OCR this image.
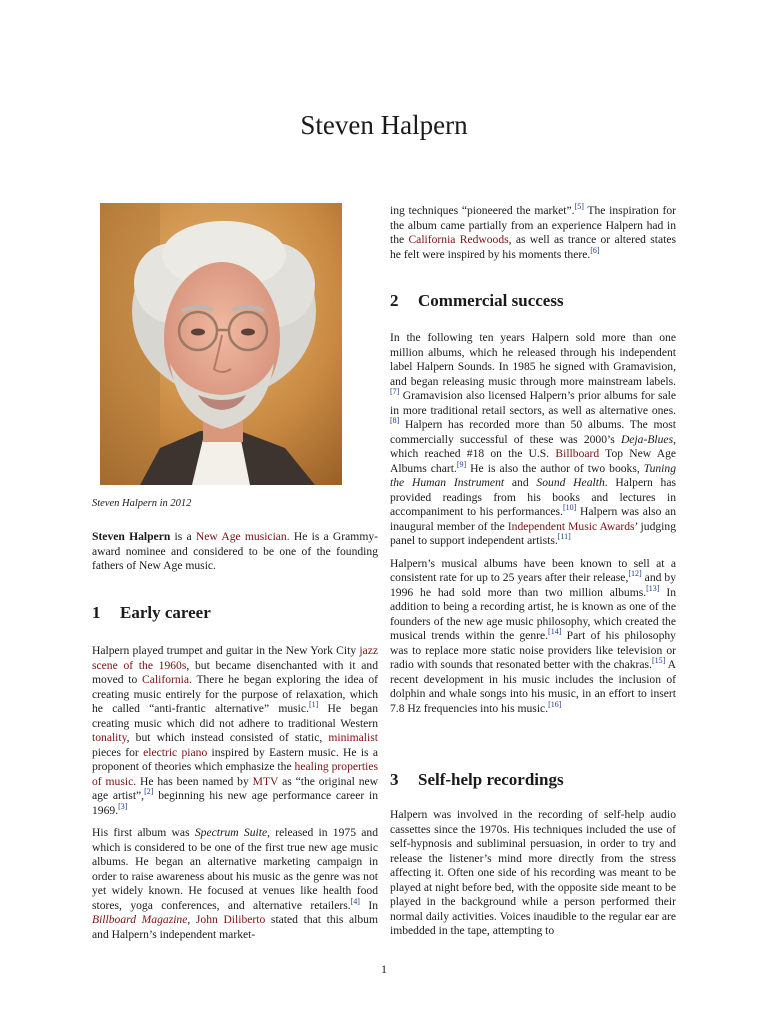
Steven Halpern
Steven Halpern in 2012

Steven Halpern is a New Age musician. He is a Grammy-award nominee and considered to be one of the founding fathers of New Age music.

1 Early career

Halpern played trumpet and guitar in the New York City jazz scene of the 1960s, but became disenchanted with it and moved to California. There he began exploring the idea of creating music entirely for the purpose of relaxation, which he called “anti-frantic alternative” music.[1] He began creating music which did not adhere to traditional Western tonality, but which instead consisted of static, minimalist pieces for electric piano inspired by Eastern music. He is a proponent of theories which emphasize the healing properties of music. He has been named by MTV as “the original new age artist”,[2] beginning his new age performance career in 1969.[3]

His first album was Spectrum Suite, released in 1975 and which is considered to be one of the first true new age music albums. He began an alternative marketing campaign in order to raise awareness about his music as the genre was not yet widely known. He focused at venues like health food stores, yoga conferences, and alternative retailers.[4] In Billboard Magazine, John Diliberto stated that this album and Halpern’s independent market-

ing techniques “pioneered the market”.[5] The inspiration for the album came partially from an experience Halpern had in the California Redwoods, as well as trance or altered states he felt were inspired by his moments there.[6]

2 Commercial success

In the following ten years Halpern sold more than one million albums, which he released through his independent label Halpern Sounds. In 1985 he signed with Gramavision, and began releasing music through more mainstream labels.[7] Gramavision also licensed Halpern’s prior albums for sale in more traditional retail sectors, as well as alternative ones.[8] Halpern has recorded more than 50 albums. The most commercially successful of these was 2000’s Deja-Blues, which reached #18 on the U.S. Billboard Top New Age Albums chart.[9] He is also the author of two books, Tuning the Human Instrument and Sound Health. Halpern has provided readings from his books and lectures in accompaniment to his performances.[10] Halpern was also an inaugural member of the Independent Music Awards’ judging panel to support independent artists.[11]

Halpern’s musical albums have been known to sell at a consistent rate for up to 25 years after their release,[12] and by 1996 he had sold more than two million albums.[13] In addition to being a recording artist, he is known as one of the founders of the new age music philosophy, which created the musical trends within the genre.[14] Part of his philosophy was to replace more static noise providers like television or radio with sounds that resonated better with the chakras.[15] A recent development in his music includes the inclusion of dolphin and whale songs into his music, in an effort to insert 7.8 Hz frequencies into his music.[16]

3 Self-help recordings

Halpern was involved in the recording of self-help audio cassettes since the 1970s. His techniques included the use of self-hypnosis and subliminal persuasion, in order to try and release the listener’s mind more directly from the stress affecting it. Often one side of his recording was meant to be played at night before bed, with the opposite side meant to be played in the background while a person performed their normal daily activities. Voices inaudible to the regular ear are imbedded in the tape, attempting to

1
